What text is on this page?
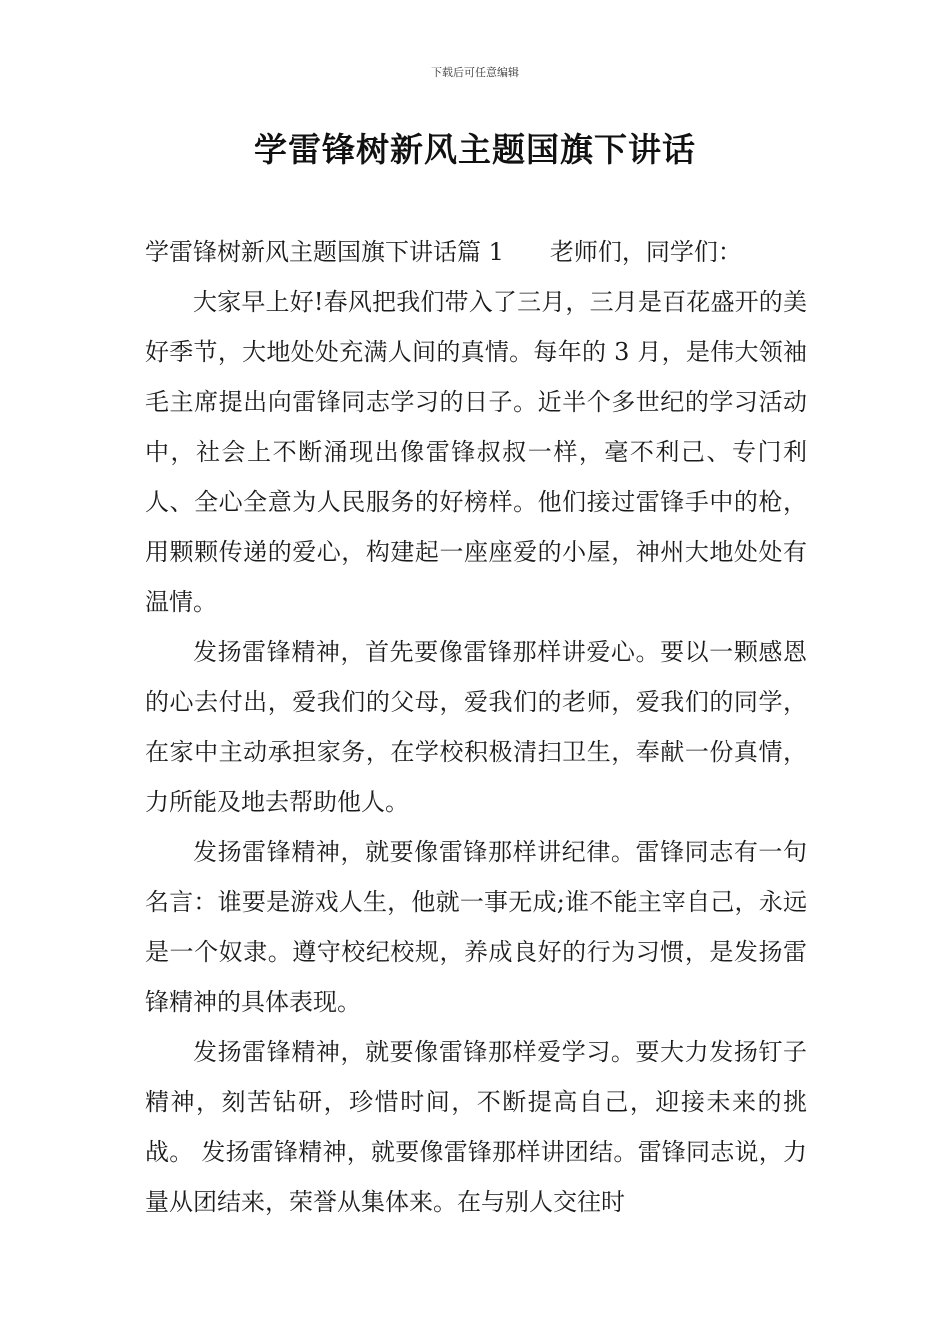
下载后可任意编辑
学雷锋树新风主题国旗下讲话

学雷锋树新风主题国旗下讲话篇 1 老师们，同学们：

大家早上好!春风把我们带入了三月，三月是百花盛开的美好季节，大地处处充满人间的真情。每年的 3 月，是伟大领袖毛主席提出向雷锋同志学习的日子。近半个多世纪的学习活动中，社会上不断涌现出像雷锋叔叔一样，毫不利己、专门利人、全心全意为人民服务的好榜样。他们接过雷锋手中的枪，用颗颗传递的爱心，构建起一座座爱的小屋，神州大地处处有温情。

发扬雷锋精神，首先要像雷锋那样讲爱心。要以一颗感恩的心去付出，爱我们的父母，爱我们的老师，爱我们的同学，在家中主动承担家务，在学校积极清扫卫生，奉献一份真情，力所能及地去帮助他人。

发扬雷锋精神，就要像雷锋那样讲纪律。雷锋同志有一句名言：谁要是游戏人生，他就一事无成;谁不能主宰自己，永远是一个奴隶。遵守校纪校规，养成良好的行为习惯，是发扬雷锋精神的具体表现。

发扬雷锋精神，就要像雷锋那样爱学习。要大力发扬钉子精神，刻苦钻研，珍惜时间，不断提高自己，迎接未来的挑战。 发扬雷锋精神，就要像雷锋那样讲团结。雷锋同志说，力量从团结来，荣誉从集体来。在与别人交往时
